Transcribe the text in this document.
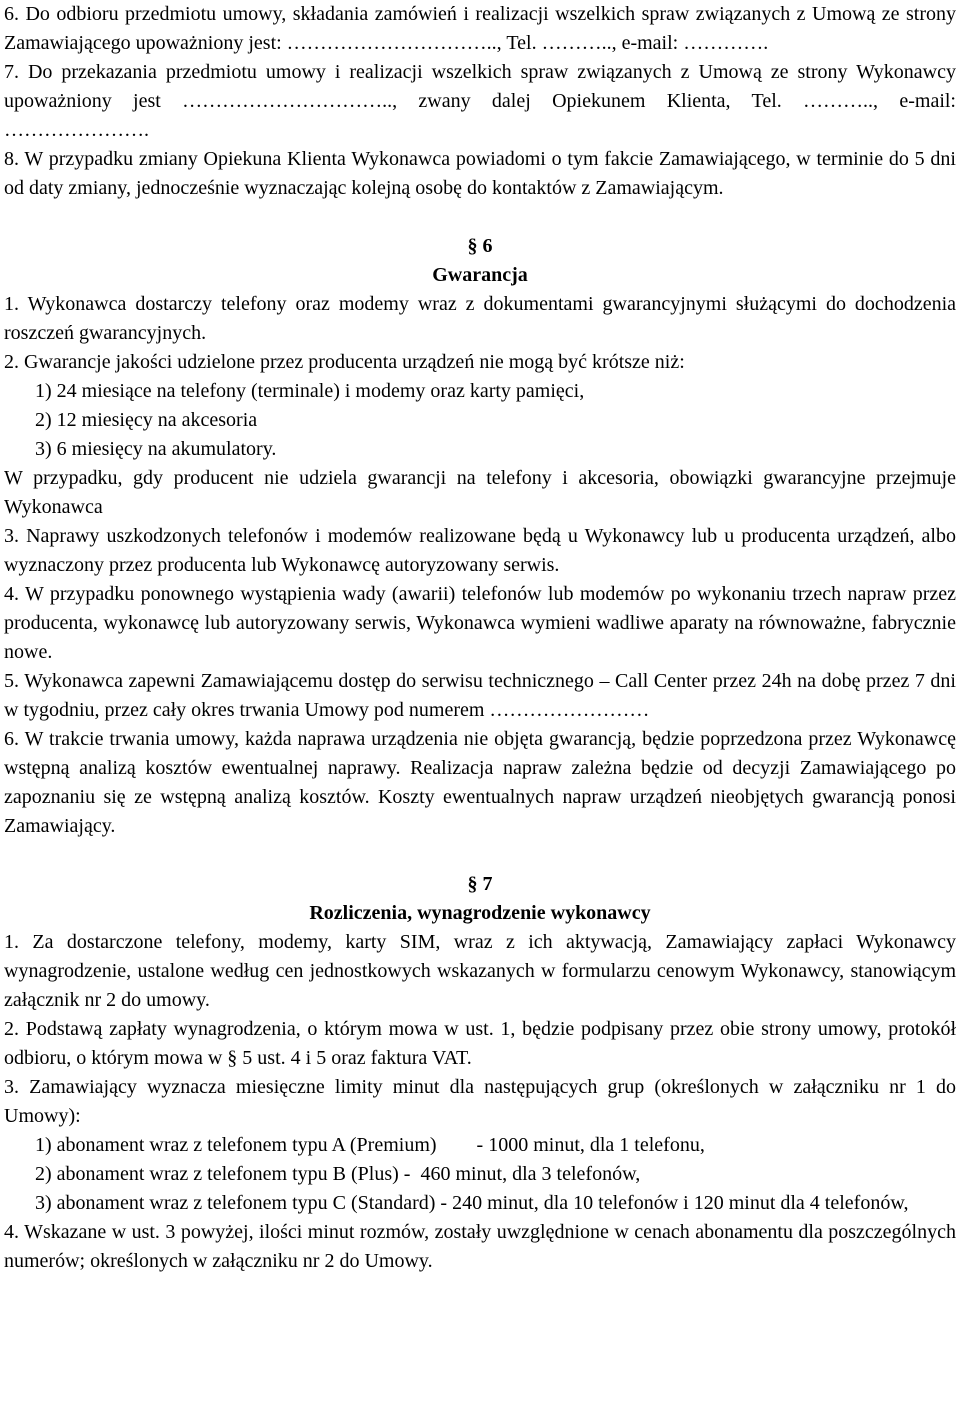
6. Do odbioru przedmiotu umowy, składania zamówień i realizacji wszelkich spraw związanych z Umową ze strony Zamawiającego upoważniony jest: ………………………….., Tel. ……….., e-mail: ………….

7. Do przekazania przedmiotu umowy i realizacji wszelkich spraw związanych z Umową ze strony Wykonawcy upoważniony jest ………………………….., zwany dalej Opiekunem Klienta, Tel. ……….., e-mail: ………………….

8. W przypadku zmiany Opiekuna Klienta Wykonawca powiadomi o tym fakcie Zamawiającego, w terminie do 5 dni od daty zmiany, jednocześnie wyznaczając kolejną osobę do kontaktów z Zamawiającym.

§ 6
Gwarancja

1. Wykonawca dostarczy telefony oraz modemy wraz z dokumentami gwarancyjnymi służącymi do dochodzenia roszczeń gwarancyjnych.

2. Gwarancje jakości udzielone przez producenta urządzeń nie mogą być krótsze niż:

1) 24 miesiące na telefony (terminale) i modemy oraz karty pamięci,
2) 12 miesięcy na akcesoria
3) 6 miesięcy na akumulatory.

W przypadku, gdy producent nie udziela gwarancji na telefony i akcesoria, obowiązki gwarancyjne przejmuje Wykonawca

3. Naprawy uszkodzonych telefonów i modemów realizowane będą u Wykonawcy lub u producenta urządzeń, albo wyznaczony przez producenta lub Wykonawcę autoryzowany serwis.

4. W przypadku ponownego wystąpienia wady (awarii) telefonów lub modemów po wykonaniu trzech napraw przez producenta, wykonawcę lub autoryzowany serwis, Wykonawca wymieni wadliwe aparaty na równoważne, fabrycznie nowe.

5. Wykonawca zapewni Zamawiającemu dostęp do serwisu technicznego – Call Center przez 24h na dobę przez 7 dni w tygodniu, przez cały okres trwania Umowy pod numerem ……………………

6. W trakcie trwania umowy, każda naprawa urządzenia nie objęta gwarancją, będzie poprzedzona przez Wykonawcę wstępną analizą kosztów ewentualnej naprawy. Realizacja napraw zależna będzie od decyzji Zamawiającego po zapoznaniu się ze wstępną analizą kosztów. Koszty ewentualnych napraw urządzeń nieobjętych gwarancją ponosi Zamawiający.

§ 7
Rozliczenia, wynagrodzenie wykonawcy

1. Za dostarczone telefony, modemy, karty SIM, wraz z ich aktywacją, Zamawiający zapłaci Wykonawcy wynagrodzenie, ustalone według cen jednostkowych wskazanych w formularzu cenowym Wykonawcy, stanowiącym załącznik nr 2 do umowy.

2. Podstawą zapłaty wynagrodzenia, o którym mowa w ust. 1, będzie podpisany przez obie strony umowy, protokół odbioru, o którym mowa w § 5 ust. 4 i 5 oraz faktura VAT.

3. Zamawiający wyznacza miesięczne limity minut dla następujących grup (określonych w załączniku nr 1 do Umowy):

1) abonament wraz z telefonem typu A (Premium)        - 1000 minut, dla 1 telefonu,
2) abonament wraz z telefonem typu B (Plus) -  460 minut, dla 3 telefonów,
3) abonament wraz z telefonem typu C (Standard) - 240 minut, dla 10 telefonów i 120 minut dla 4 telefonów,

4. Wskazane w ust. 3 powyżej, ilości minut rozmów, zostały uwzględnione w cenach abonamentu dla poszczególnych numerów; określonych w załączniku nr 2 do Umowy.
